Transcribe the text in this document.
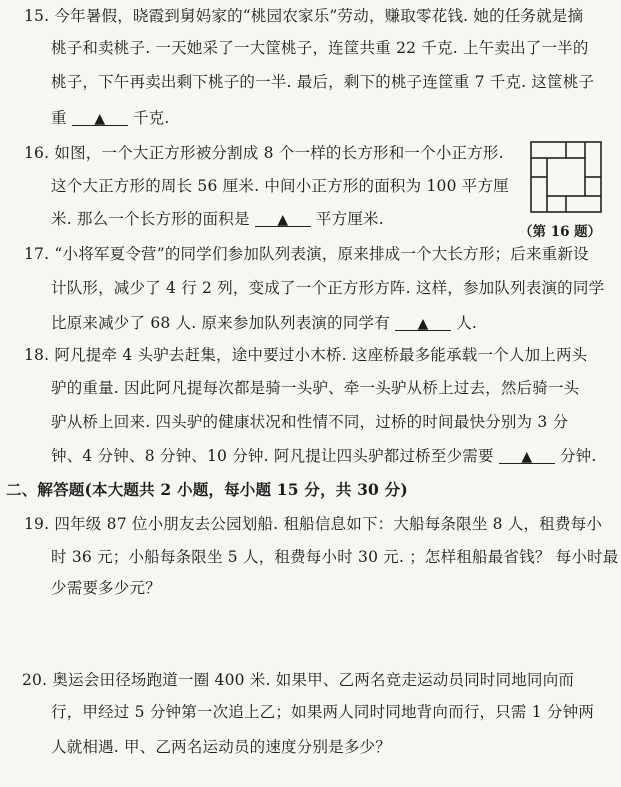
15. 今年暑假，晓霞到舅妈家的“桃园农家乐”劳动，赚取零花钱. 她的任务就是摘
桃子和卖桃子. 一天她采了一大筐桃子，连筐共重 22 千克. 上午卖出了一半的
桃子，下午再卖出剩下桃子的一半. 最后，剩下的桃子连筐重 7 千克. 这筐桃子
重 ▲ 千克.
16. 如图，一个大正方形被分割成 8 个一样的长方形和一个小正方形.
这个大正方形的周长 56 厘米. 中间小正方形的面积为 100 平方厘
米. 那么一个长方形的面积是 ▲ 平方厘米.
（第 16 题）
17. “小将军夏令营”的同学们参加队列表演，原来排成一个大长方形；后来重新设
计队形，减少了 4 行 2 列，变成了一个正方形方阵. 这样，参加队列表演的同学
比原来减少了 68 人. 原来参加队列表演的同学有 ▲ 人.
18. 阿凡提牵 4 头驴去赶集，途中要过小木桥. 这座桥最多能承载一个人加上两头
驴的重量. 因此阿凡提每次都是骑一头驴、牵一头驴从桥上过去，然后骑一头
驴从桥上回来. 四头驴的健康状况和性情不同，过桥的时间最快分别为 3 分
钟、4 分钟、8 分钟、10 分钟. 阿凡提让四头驴都过桥至少需要 ▲ 分钟.
二、解答题(本大题共 2 小题，每小题 15 分，共 30 分)
19. 四年级 87 位小朋友去公园划船. 租船信息如下：大船每条限坐 8 人，租费每小
时 36 元；小船每条限坐 5 人，租费每小时 30 元. ；怎样租船最省钱？ 每小时最
少需要多少元？
20. 奥运会田径场跑道一圈 400 米. 如果甲、乙两名竞走运动员同时同地同向而
行，甲经过 5 分钟第一次追上乙；如果两人同时同地背向而行，只需 1 分钟两
人就相遇. 甲、乙两名运动员的速度分别是多少？
